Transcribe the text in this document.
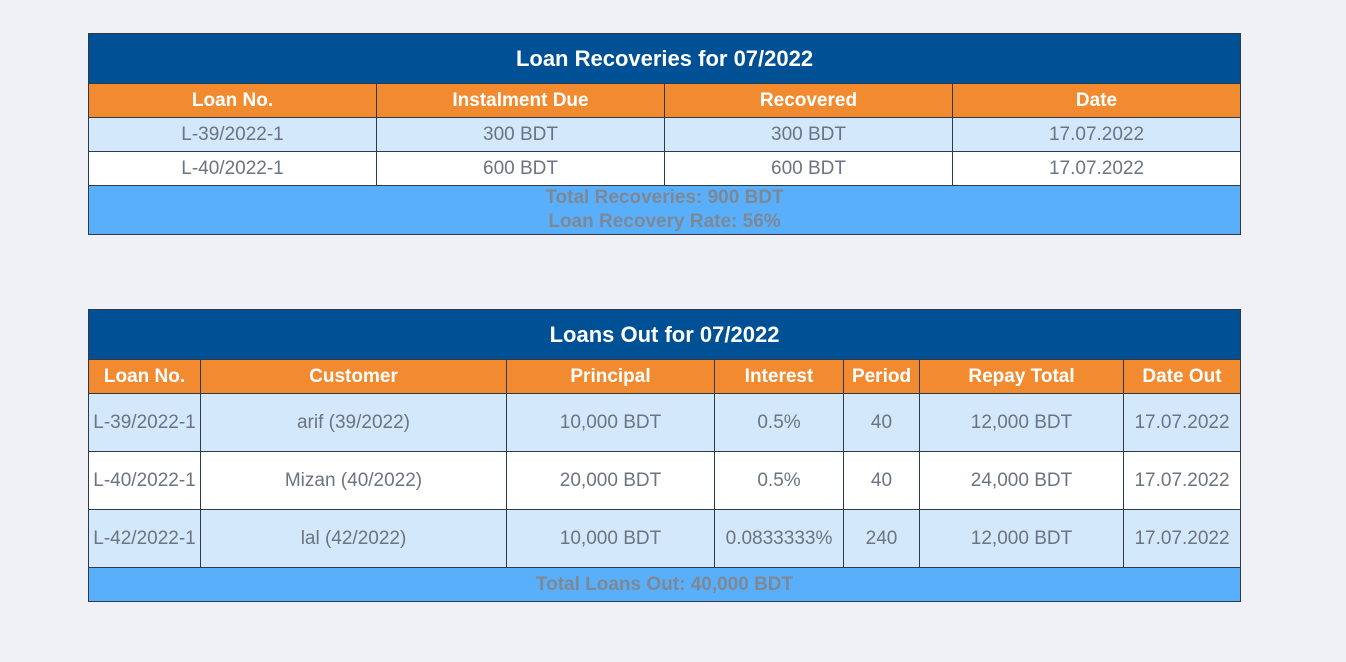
Loan Recoveries for 07/2022			
Loan No.	Instalment Due	Recovered	Date
L-39/2022-1	300 BDT	300 BDT	17.07.2022
L-40/2022-1	600 BDT	600 BDT	17.07.2022

Total Recoveries: 900 BDT
Loan Recovery Rate: 56%			
Loans Out for 07/2022						
Loan No.	Customer	Principal	Interest	Period	Repay Total	Date Out
L-​39/2022-1	arif (39/2022)	10,000 BDT	0.5%	40	12,000 BDT	17.07.2022
L-​40/2022-1	Mizan (40/2022)	20,000 BDT	0.5%	40	24,000 BDT	17.07.2022
L-​42/2022-1	lal (42/2022)	10,000 BDT	0.0833333%	240	12,000 BDT	17.07.2022
Total Loans Out: 40,000 BDT						
